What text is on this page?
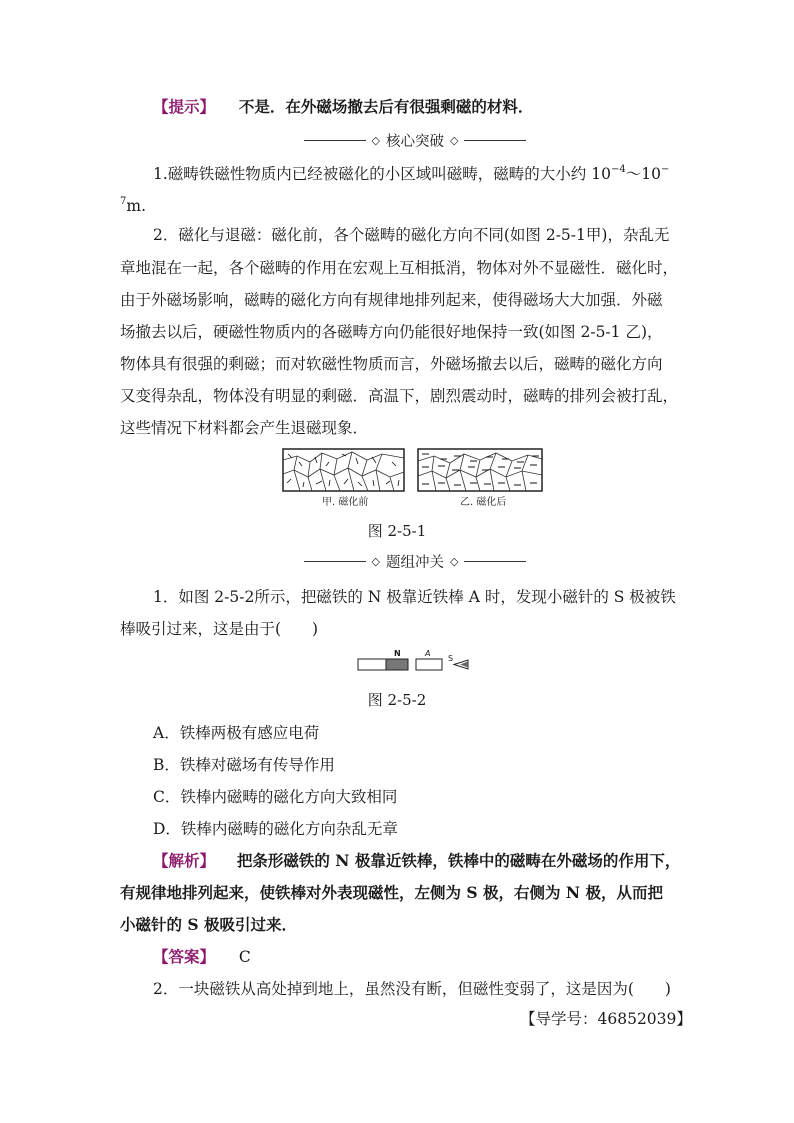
【提示】 不是．在外磁场撤去后有很强剩磁的材料．
◇ 核心突破 ◇
1.磁畴铁磁性物质内已经被磁化的小区域叫磁畴，磁畴的大小约 $10^{-4}\sim 10^-$
$^7$m.
2．磁化与退磁：磁化前，各个磁畴的磁化方向不同(如图 2-5-1甲)，杂乱无
章地混在一起，各个磁畴的作用在宏观上互相抵消，物体对外不显磁性．磁化时，
由于外磁场影响，磁畴的磁化方向有规律地排列起来，使得磁场大大加强．外磁
场撤去以后，硬磁性物质内的各磁畴方向仍能很好地保持一致(如图 2-5-1 乙)，
物体具有很强的剩磁；而对软磁性物质而言，外磁场撤去以后，磁畴的磁化方向
又变得杂乱，物体没有明显的剩磁．高温下，剧烈震动时，磁畴的排列会被打乱，
这些情况下材料都会产生退磁现象．
甲. 磁化前	乙. 磁化后
图 2-5-1
◇ 题组冲关 ◇
1．如图 2-5-2所示，把磁铁的 N 极靠近铁棒 A 时，发现小磁针的 S 极被铁
棒吸引过来，这是由于(　　)
N	A
S
图 2-5-2
A．铁棒两极有感应电荷
B．铁棒对磁场有传导作用
C．铁棒内磁畴的磁化方向大致相同
D．铁棒内磁畴的磁化方向杂乱无章
【解析】 把条形磁铁的 N 极靠近铁棒，铁棒中的磁畴在外磁场的作用下，
有规律地排列起来，使铁棒对外表现磁性，左侧为 S 极，右侧为 N 极，从而把
小磁针的 S 极吸引过来．
【答案】 C
2．一块磁铁从高处掉到地上，虽然没有断，但磁性变弱了，这是因为(　　)
【导学号：46852039】
